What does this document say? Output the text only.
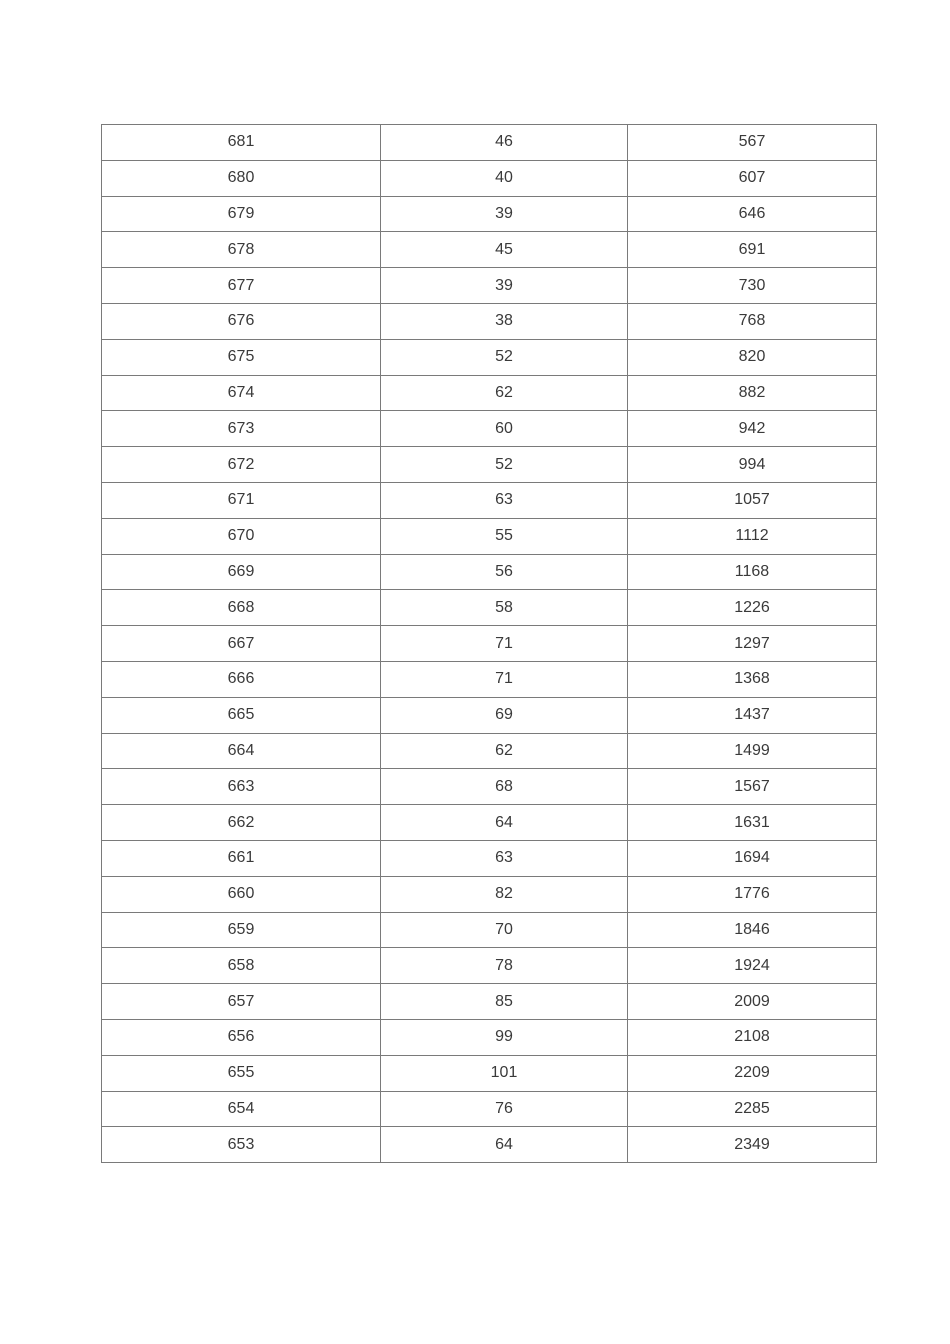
681	46	567
680	40	607
679	39	646
678	45	691
677	39	730
676	38	768
675	52	820
674	62	882
673	60	942
672	52	994
671	63	1057
670	55	1112
669	56	1168
668	58	1226
667	71	1297
666	71	1368
665	69	1437
664	62	1499
663	68	1567
662	64	1631
661	63	1694
660	82	1776
659	70	1846
658	78	1924
657	85	2009
656	99	2108
655	101	2209
654	76	2285
653	64	2349
